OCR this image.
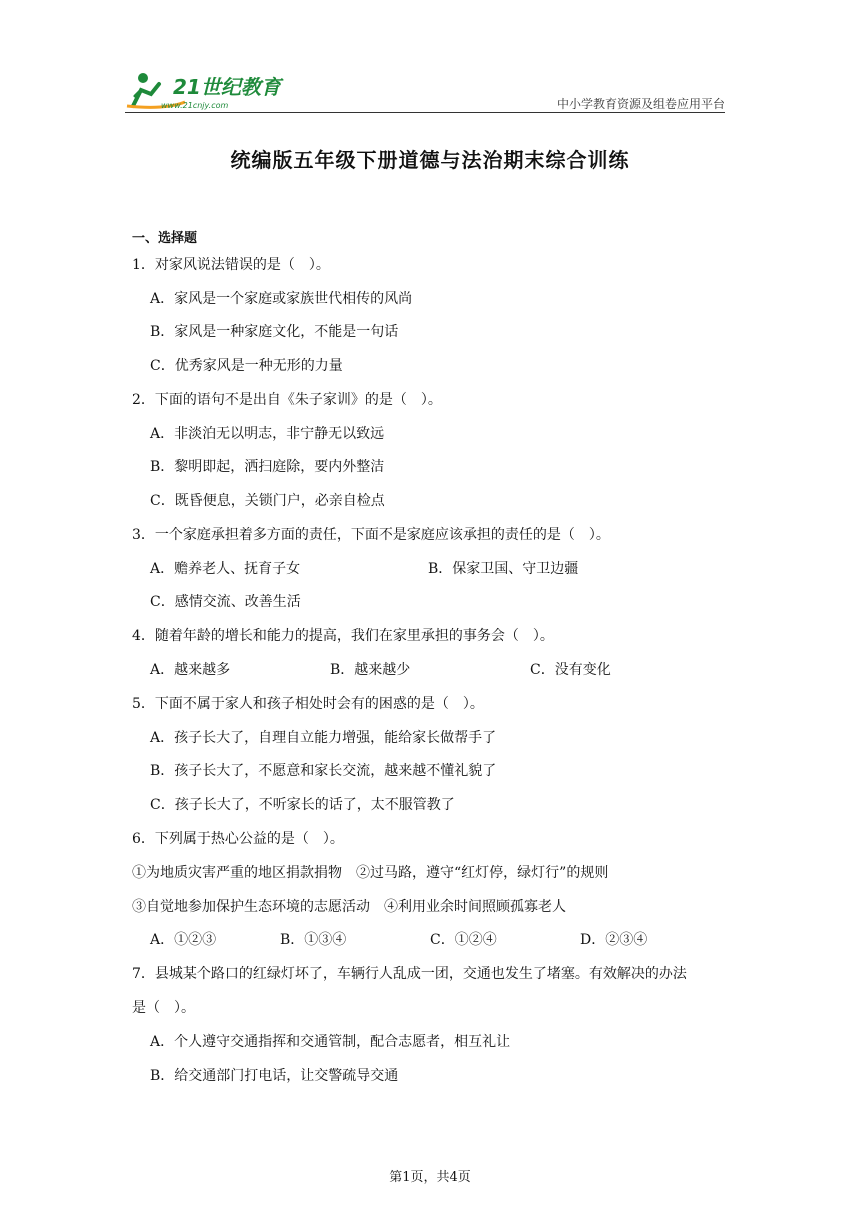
21世纪教育
www.21cnjy.com	中小学教育资源及组卷应用平台
统编版五年级下册道德与法治期末综合训练
一、选择题
1．对家风说法错误的是（　）。
A．家风是一个家庭或家族世代相传的风尚
B．家风是一种家庭文化，不能是一句话
C．优秀家风是一种无形的力量
2．下面的语句不是出自《朱子家训》的是（　）。
A．非淡泊无以明志，非宁静无以致远
B．黎明即起，洒扫庭除，要内外整洁
C．既昏便息，关锁门户，必亲自检点
3．一个家庭承担着多方面的责任，下面不是家庭应该承担的责任的是（　）。
A．赡养老人、抚育子女	B．保家卫国、守卫边疆
C．感情交流、改善生活
4．随着年龄的增长和能力的提高，我们在家里承担的事务会（　）。
A．越来越多	B．越来越少	C．没有变化
5．下面不属于家人和孩子相处时会有的困惑的是（　）。
A．孩子长大了，自理自立能力增强，能给家长做帮手了
B．孩子长大了，不愿意和家长交流，越来越不懂礼貌了
C．孩子长大了，不听家长的话了，太不服管教了
6．下列属于热心公益的是（　）。
①为地质灾害严重的地区捐款捐物　②过马路，遵守“红灯停，绿灯行”的规则
③自觉地参加保护生态环境的志愿活动　④利用业余时间照顾孤寡老人
A．①②③	B．①③④	C．①②④	D．②③④
7．县城某个路口的红绿灯坏了，车辆行人乱成一团，交通也发生了堵塞。有效解决的办法
是（　）。
A．个人遵守交通指挥和交通管制，配合志愿者，相互礼让
B．给交通部门打电话，让交警疏导交通
第1页，共4页
